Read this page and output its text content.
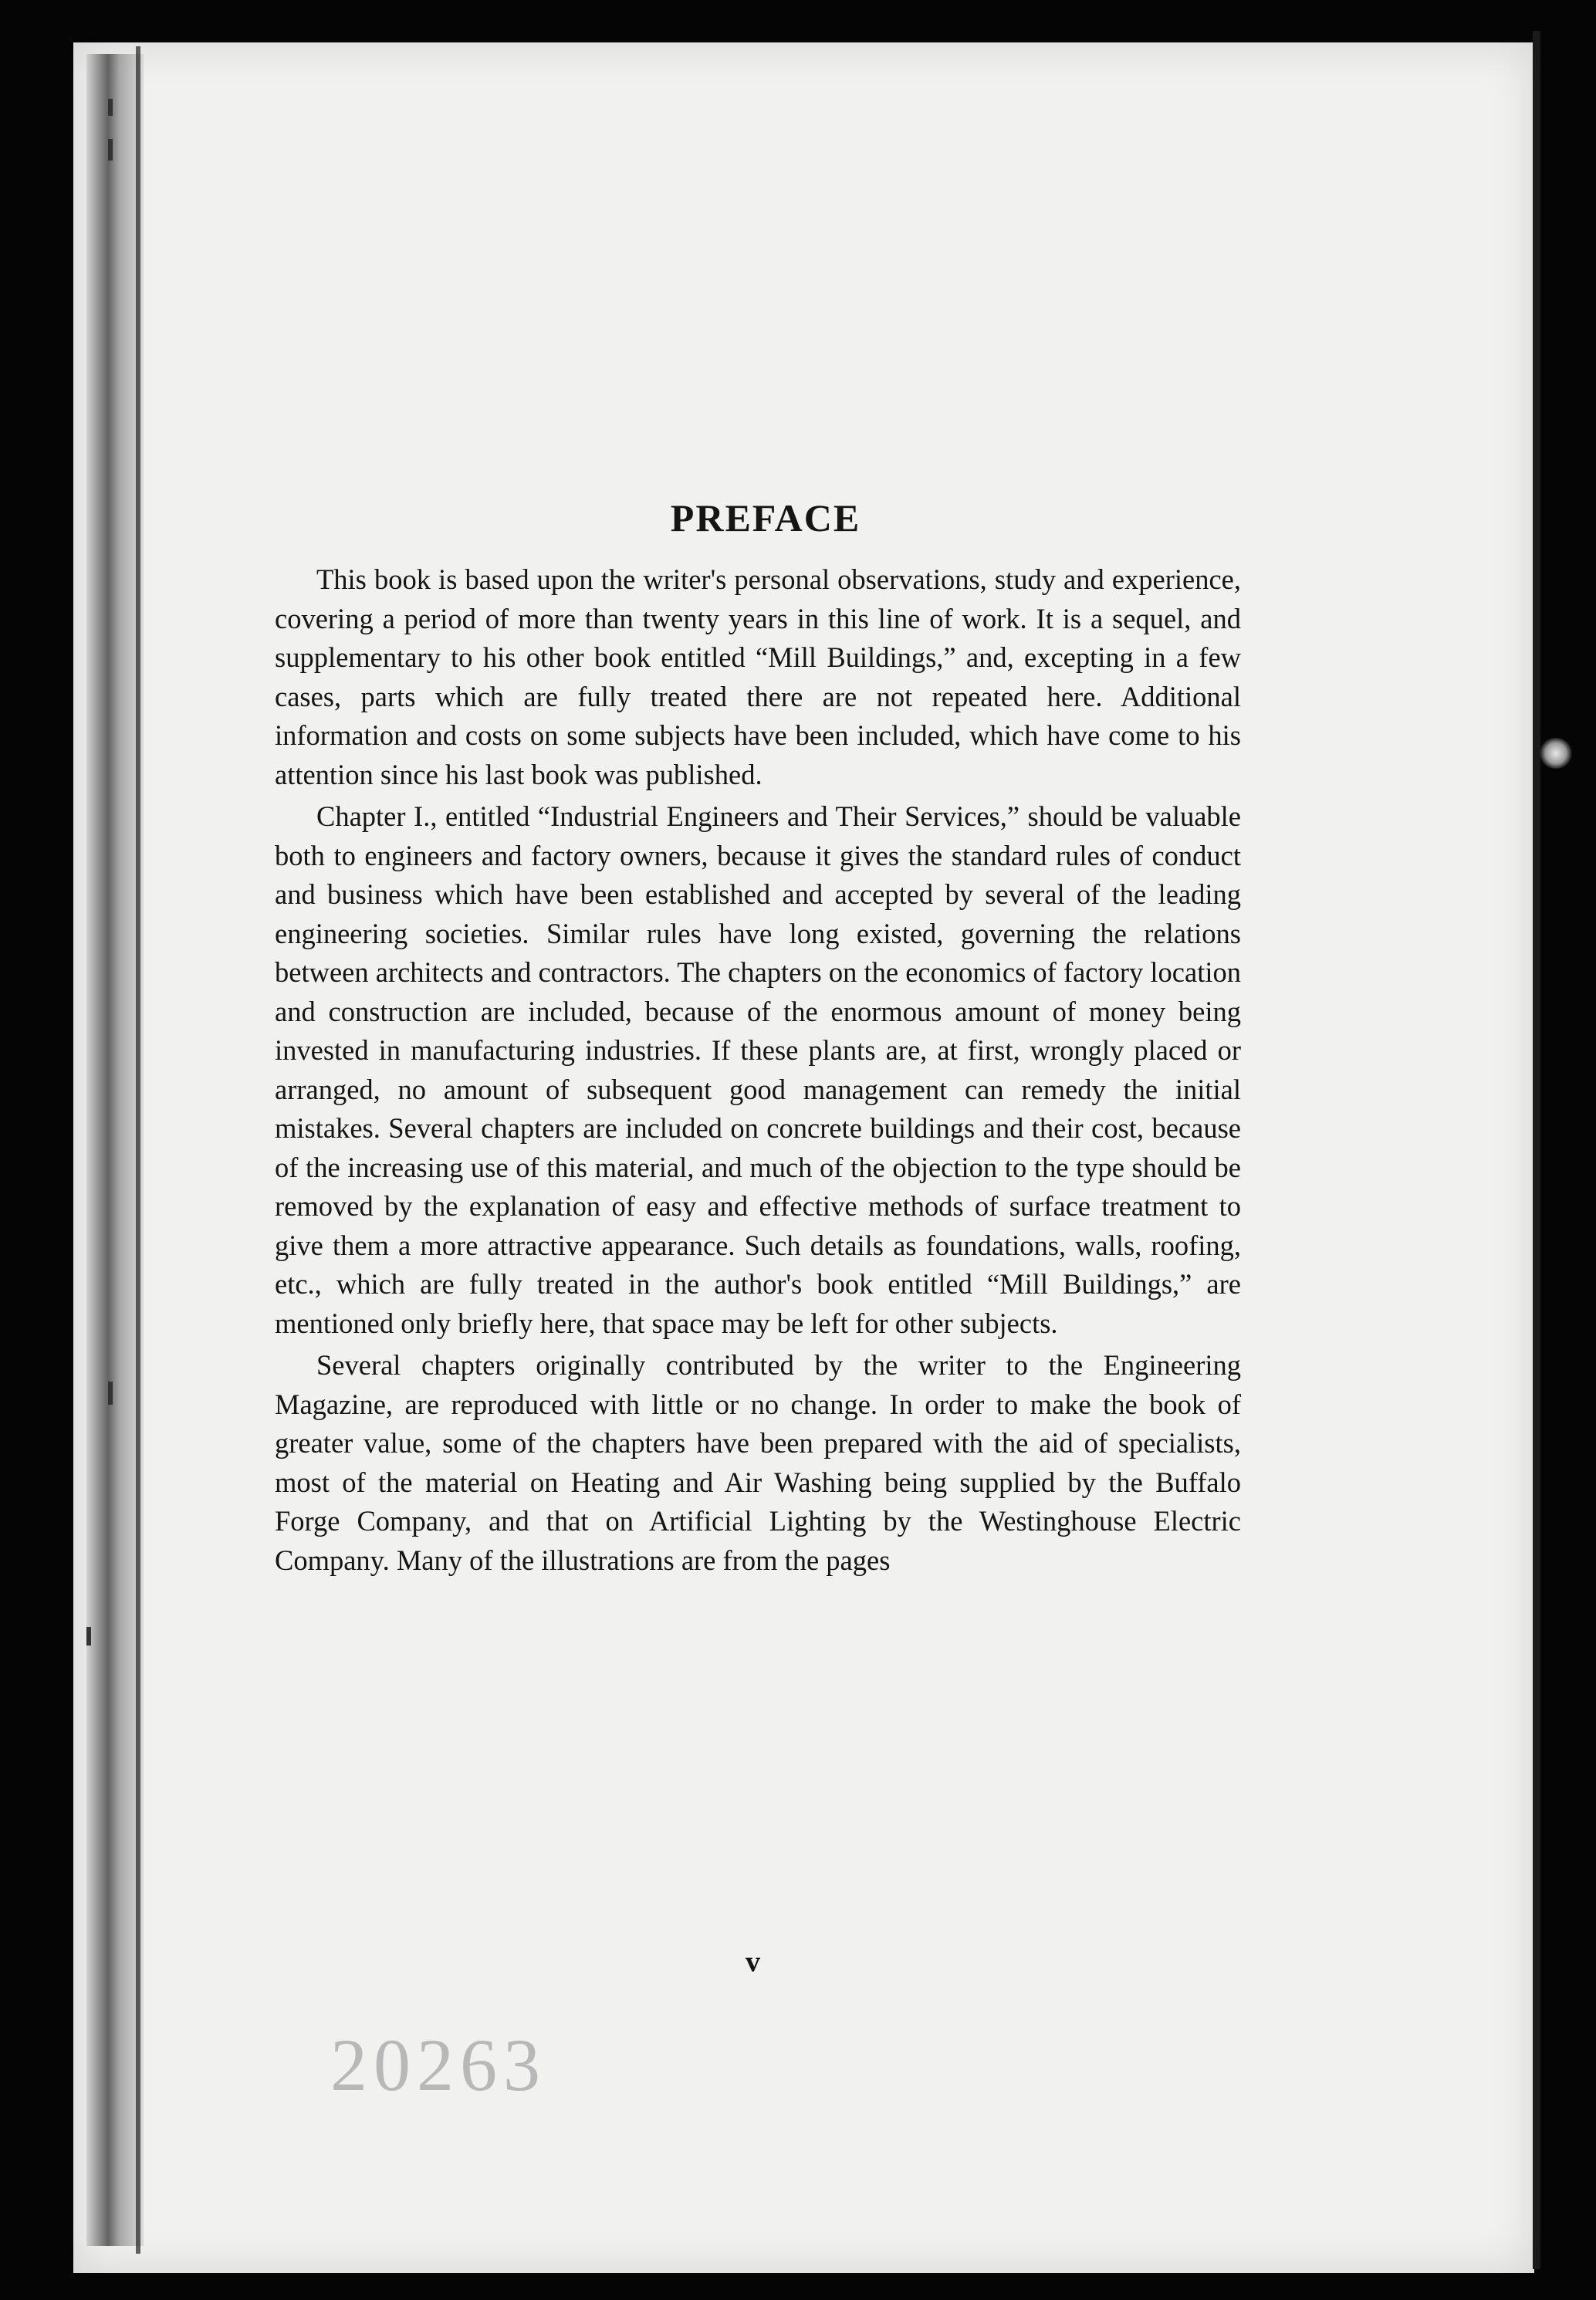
PREFACE

This book is based upon the writer's personal observations, study and experience, covering a period of more than twenty years in this line of work. It is a sequel, and supplementary to his other book entitled “Mill Buildings,” and, excepting in a few cases, parts which are fully treated there are not repeated here. Additional information and costs on some subjects have been included, which have come to his attention since his last book was published.

Chapter I., entitled “Industrial Engineers and Their Services,” should be valuable both to engineers and factory owners, because it gives the standard rules of conduct and business which have been established and accepted by several of the leading engineering societies. Similar rules have long existed, governing the relations between architects and contractors. The chapters on the economics of factory location and construction are included, because of the enormous amount of money being invested in manufacturing industries. If these plants are, at first, wrongly placed or arranged, no amount of subsequent good management can remedy the initial mistakes. Several chapters are included on concrete buildings and their cost, because of the increasing use of this material, and much of the objection to the type should be removed by the explanation of easy and effective methods of surface treatment to give them a more attractive appearance. Such details as foundations, walls, roofing, etc., which are fully treated in the author's book entitled “Mill Buildings,” are mentioned only briefly here, that space may be left for other subjects.

Several chapters originally contributed by the writer to the Engineering Magazine, are reproduced with little or no change. In order to make the book of greater value, some of the chapters have been prepared with the aid of specialists, most of the material on Heating and Air Washing being supplied by the Buffalo Forge Company, and that on Artificial Lighting by the Westinghouse Electric Company. Many of the illustrations are from the pages

v
20263
